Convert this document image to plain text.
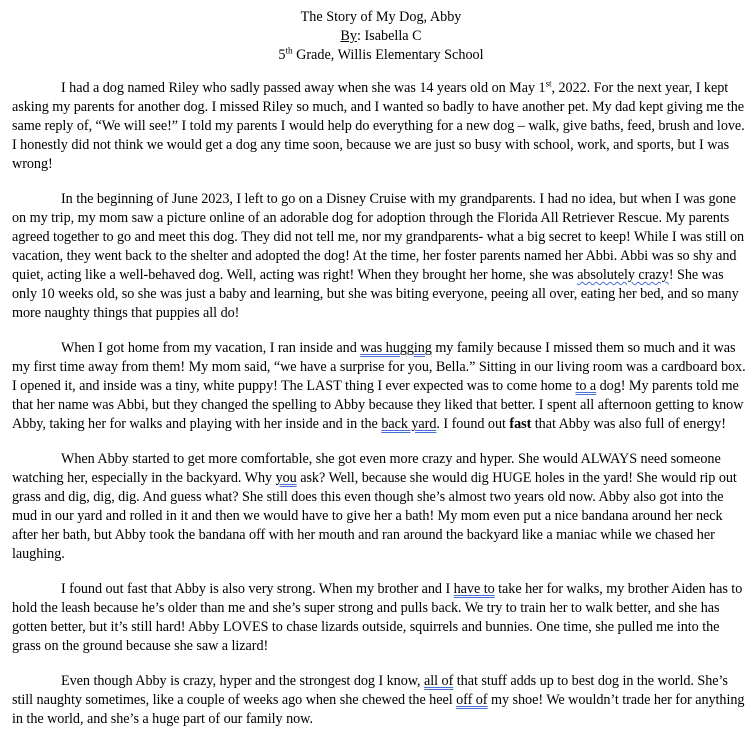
The Story of My Dog, Abby
By: Isabella C
5th Grade, Willis Elementary School

I had a dog named Riley who sadly passed away when she was 14 years old on May 1st, 2022. For the next year, I kept asking my parents for another dog. I missed Riley so much, and I wanted so badly to have another pet. My dad kept giving me the same reply of, “We will see!” I told my parents I would help do everything for a new dog – walk, give baths, feed, brush and love. I honestly did not think we would get a dog any time soon, because we are just so busy with school, work, and sports, but I was wrong!

In the beginning of June 2023, I left to go on a Disney Cruise with my grandparents. I had no idea, but when I was gone on my trip, my mom saw a picture online of an adorable dog for adoption through the Florida All Retriever Rescue. My parents agreed together to go and meet this dog. They did not tell me, nor my grandparents- what a big secret to keep! While I was still on vacation, they went back to the shelter and adopted the dog! At the time, her foster parents named her Abbi. Abbi was so shy and quiet, acting like a well-behaved dog. Well, acting was right! When they brought her home, she was absolutely crazy! She was only 10 weeks old, so she was just a baby and learning, but she was biting everyone, peeing all over, eating her bed, and so many more naughty things that puppies all do!

When I got home from my vacation, I ran inside and was hugging my family because I missed them so much and it was my first time away from them! My mom said, “we have a surprise for you, Bella.” Sitting in our living room was a cardboard box. I opened it, and inside was a tiny, white puppy! The LAST thing I ever expected was to come home to a dog! My parents told me that her name was Abbi, but they changed the spelling to Abby because they liked that better. I spent all afternoon getting to know Abby, taking her for walks and playing with her inside and in the back yard. I found out fast that Abby was also full of energy!

When Abby started to get more comfortable, she got even more crazy and hyper. She would ALWAYS need someone watching her, especially in the backyard. Why you ask? Well, because she would dig HUGE holes in the yard! She would rip out grass and dig, dig, dig. And guess what? She still does this even though she’s almost two years old now. Abby also got into the mud in our yard and rolled in it and then we would have to give her a bath! My mom even put a nice bandana around her neck after her bath, but Abby took the bandana off with her mouth and ran around the backyard like a maniac while we chased her laughing.

I found out fast that Abby is also very strong. When my brother and I have to take her for walks, my brother Aiden has to hold the leash because he’s older than me and she’s super strong and pulls back. We try to train her to walk better, and she has gotten better, but it’s still hard! Abby LOVES to chase lizards outside, squirrels and bunnies. One time, she pulled me into the grass on the ground because she saw a lizard!

Even though Abby is crazy, hyper and the strongest dog I know, all of that stuff adds up to best dog in the world. She’s still naughty sometimes, like a couple of weeks ago when she chewed the heel off of my shoe! We wouldn’t trade her for anything in the world, and she’s a huge part of our family now.
